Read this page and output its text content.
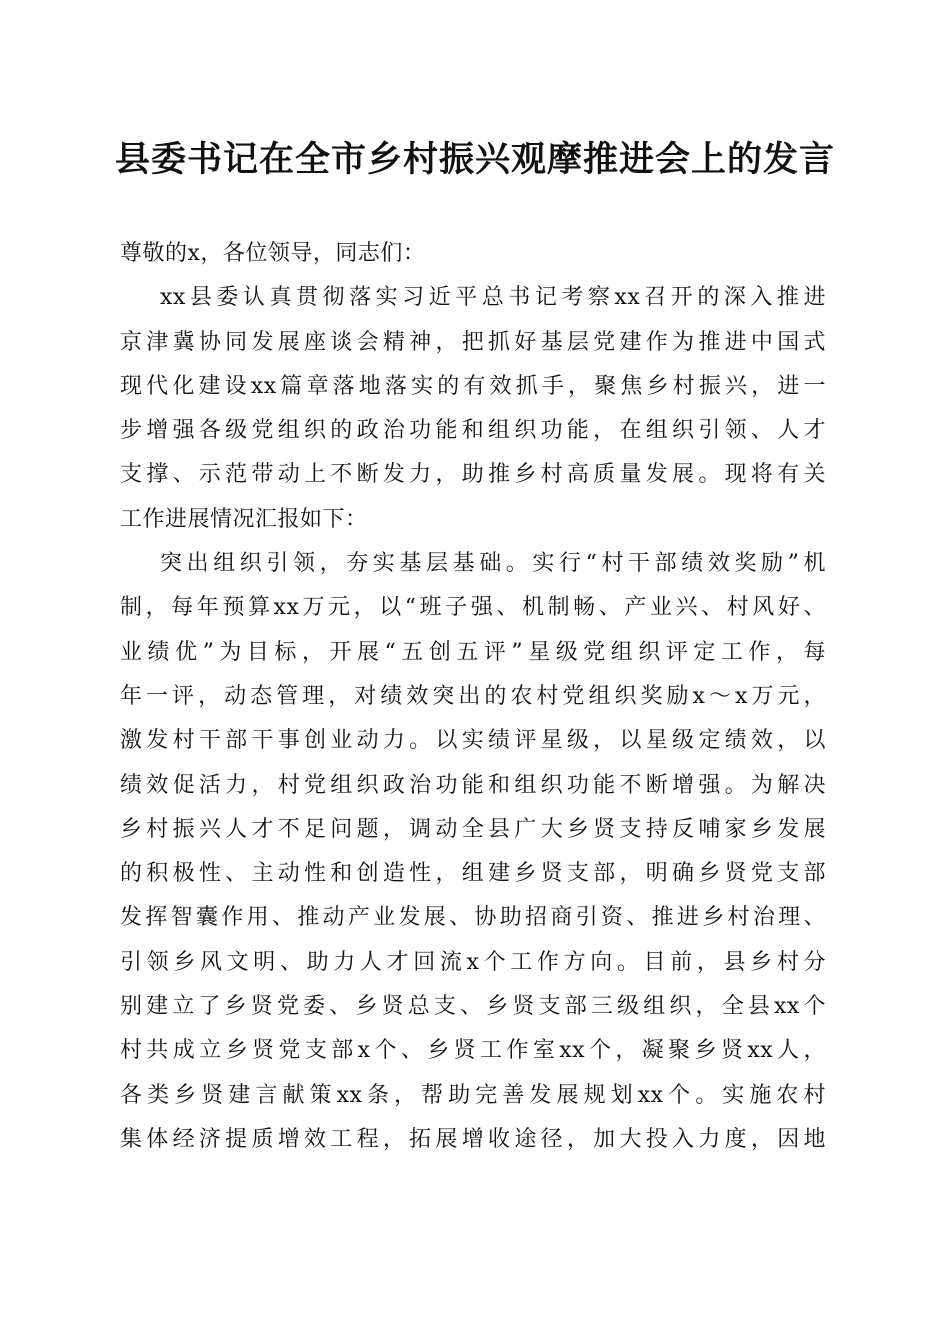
县委书记在全市乡村振兴观摩推进会上的发言
尊敬的x，各位领导，同志们：
xx县委认真贯彻落实习近平总书记考察xx召开的深入推进
京津冀协同发展座谈会精神，把抓好基层党建作为推进中国式
现代化建设xx篇章落地落实的有效抓手，聚焦乡村振兴，进一
步增强各级党组织的政治功能和组织功能，在组织引领、人才
支撑、示范带动上不断发力，助推乡村高质量发展。现将有关
工作进展情况汇报如下：
突出组织引领，夯实基层基础。实行“村干部绩效奖励”机
制，每年预算xx万元，以“班子强、机制畅、产业兴、村风好、
业绩优”为目标，开展“五创五评”星级党组织评定工作，每
年一评，动态管理，对绩效突出的农村党组织奖励x～x万元，
激发村干部干事创业动力。以实绩评星级，以星级定绩效，以
绩效促活力，村党组织政治功能和组织功能不断增强。为解决
乡村振兴人才不足问题，调动全县广大乡贤支持反哺家乡发展
的积极性、主动性和创造性，组建乡贤支部，明确乡贤党支部
发挥智囊作用、推动产业发展、协助招商引资、推进乡村治理、
引领乡风文明、助力人才回流x个工作方向。目前，县乡村分
别建立了乡贤党委、乡贤总支、乡贤支部三级组织，全县xx个
村共成立乡贤党支部x个、乡贤工作室xx个，凝聚乡贤xx人，
各类乡贤建言献策xx条，帮助完善发展规划xx个。实施农村
集体经济提质增效工程，拓展增收途径，加大投入力度，因地
